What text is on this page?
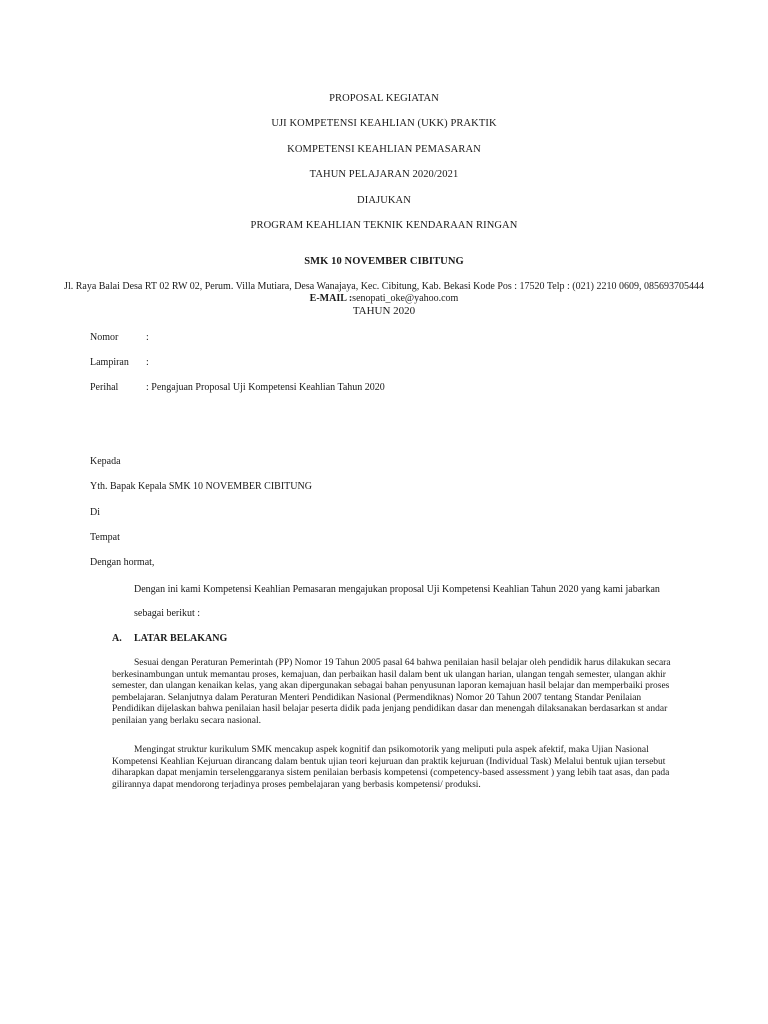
PROPOSAL KEGIATAN
UJI KOMPETENSI KEAHLIAN (UKK) PRAKTIK
KOMPETENSI KEAHLIAN PEMASARAN
TAHUN PELAJARAN 2020/2021
DIAJUKAN
PROGRAM KEAHLIAN TEKNIK KENDARAAN RINGAN
SMK 10 NOVEMBER CIBITUNG
Jl. Raya Balai Desa RT 02 RW 02, Perum. Villa Mutiara, Desa Wanajaya, Kec. Cibitung, Kab. Bekasi Kode Pos : 17520 Telp : (021) 2210 0609, 085693705444 E-MAIL :senopati_oke@yahoo.com
TAHUN 2020
Nomor	:
Lampiran :
Perihal	: Pengajuan Proposal Uji Kompetensi Keahlian Tahun 2020
Kepada
Yth. Bapak Kepala SMK 10 NOVEMBER CIBITUNG
Di
Tempat
Dengan hormat,
Dengan ini kami Kompetensi Keahlian Pemasaran mengajukan proposal Uji Kompetensi Keahlian Tahun 2020 yang kami jabarkan
sebagai berikut :
A. LATAR BELAKANG

Sesuai dengan Peraturan Pemerintah (PP) Nomor 19 Tahun 2005 pasal 64 bahwa penilaian hasil belajar oleh pendidik harus dilakukan secara berkesinambungan untuk memantau proses, kemajuan, dan perbaikan hasil dalam bent uk ulangan harian, ulangan tengah semester, ulangan akhir semester, dan ulangan kenaikan kelas, yang akan dipergunakan sebagai bahan penyusunan laporan kemajuan hasil belajar dan memperbaiki proses pembelajaran. Selanjutnya dalam Peraturan Menteri Pendidikan Nasional (Permendiknas) Nomor 20 Tahun 2007 tentang Standar Penilaian Pendidikan dijelaskan bahwa penilaian hasil belajar peserta didik pada jenjang pendidikan dasar dan menengah dilaksanakan berdasarkan st andar penilaian yang berlaku secara nasional.

Mengingat struktur kurikulum SMK mencakup aspek kognitif dan psikomotorik yang meliputi pula aspek afektif, maka Ujian Nasional Kompetensi Keahlian Kejuruan dirancang dalam bentuk ujian teori kejuruan dan praktik kejuruan (Individual Task) Melalui bentuk ujian tersebut diharapkan dapat menjamin terselenggaranya sistem penilaian berbasis kompetensi (competency-based assessment ) yang lebih taat asas, dan pada gilirannya dapat mendorong terjadinya proses pembelajaran yang berbasis kompetensi/ produksi.
